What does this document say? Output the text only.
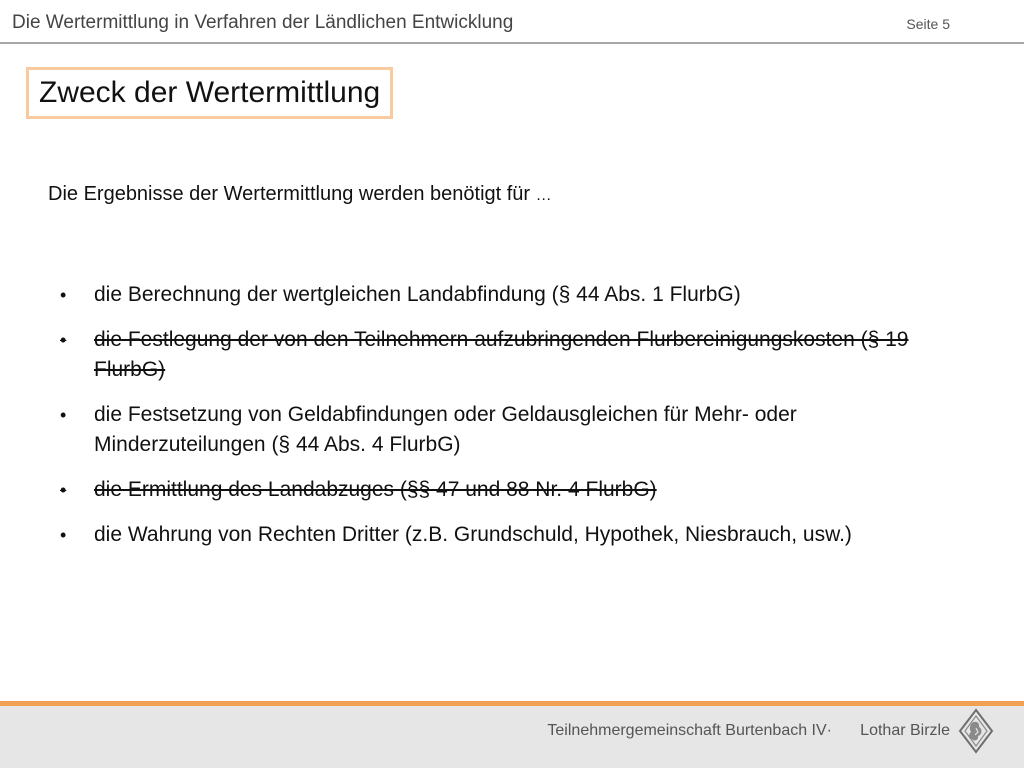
Die Wertermittlung in Verfahren der Ländlichen Entwicklung	Seite 5
Zweck der Wertermittlung
Die Ergebnisse der Wertermittlung werden benötigt für …
• die Berechnung der wertgleichen Landabfindung (§ 44 Abs. 1 FlurbG)
• die Festlegung der von den Teilnehmern aufzubringenden Flurbereinigungskosten (§ 19 FlurbG)
• die Festsetzung von Geldabfindungen oder Geldausgleichen für Mehr- oder Minderzuteilungen (§ 44 Abs. 4 FlurbG)
• die Ermittlung des Landabzuges (§§ 47 und 88 Nr. 4 FlurbG)
• die Wahrung von Rechten Dritter (z.B. Grundschuld, Hypothek, Niesbrauch, usw.)
Teilnehmergemeinschaft Burtenbach IV· Lothar Birzle
